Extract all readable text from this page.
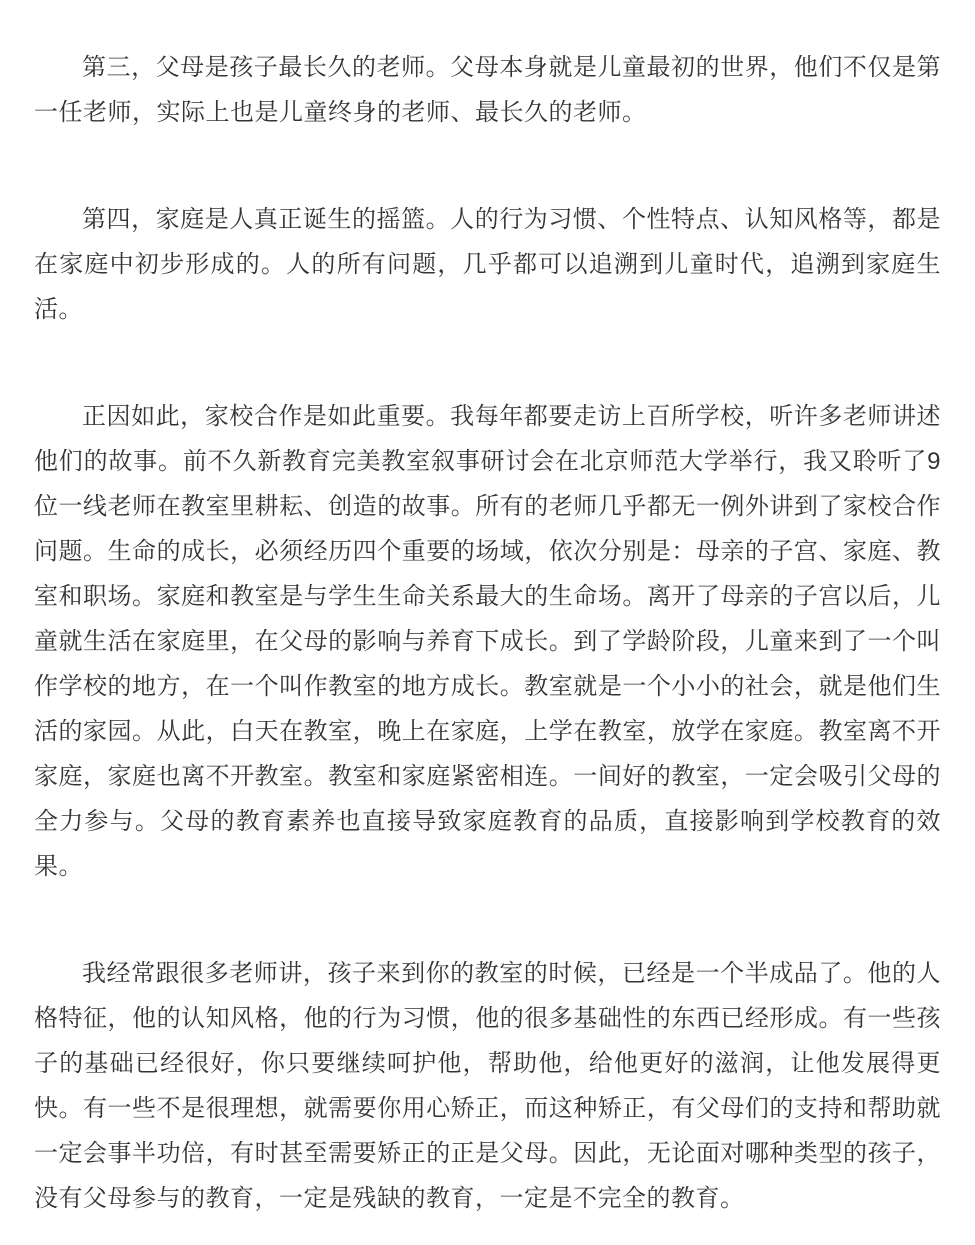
第三，父母是孩子最长久的老师。父母本身就是儿童最初的世界，他们不仅是第一任老师，实际上也是儿童终身的老师、最长久的老师。

第四，家庭是人真正诞生的摇篮。人的行为习惯、个性特点、认知风格等，都是在家庭中初步形成的。人的所有问题，几乎都可以追溯到儿童时代，追溯到家庭生活。

正因如此，家校合作是如此重要。我每年都要走访上百所学校，听许多老师讲述他们的故事。前不久新教育完美教室叙事研讨会在北京师范大学举行，我又聆听了9位一线老师在教室里耕耘、创造的故事。所有的老师几乎都无一例外讲到了家校合作问题。生命的成长，必须经历四个重要的场域，依次分别是：母亲的子宫、家庭、教室和职场。家庭和教室是与学生生命关系最大的生命场。离开了母亲的子宫以后，儿童就生活在家庭里，在父母的影响与养育下成长。到了学龄阶段，儿童来到了一个叫作学校的地方，在一个叫作教室的地方成长。教室就是一个小小的社会，就是他们生活的家园。从此，白天在教室，晚上在家庭，上学在教室，放学在家庭。教室离不开家庭，家庭也离不开教室。教室和家庭紧密相连。一间好的教室，一定会吸引父母的全力参与。父母的教育素养也直接导致家庭教育的品质，直接影响到学校教育的效果。

我经常跟很多老师讲，孩子来到你的教室的时候，已经是一个半成品了。他的人格特征，他的认知风格，他的行为习惯，他的很多基础性的东西已经形成。有一些孩子的基础已经很好，你只要继续呵护他，帮助他，给他更好的滋润，让他发展得更快。有一些不是很理想，就需要你用心矫正，而这种矫正，有父母们的支持和帮助就一定会事半功倍，有时甚至需要矫正的正是父母。因此，无论面对哪种类型的孩子，没有父母参与的教育，一定是残缺的教育，一定是不完全的教育。
